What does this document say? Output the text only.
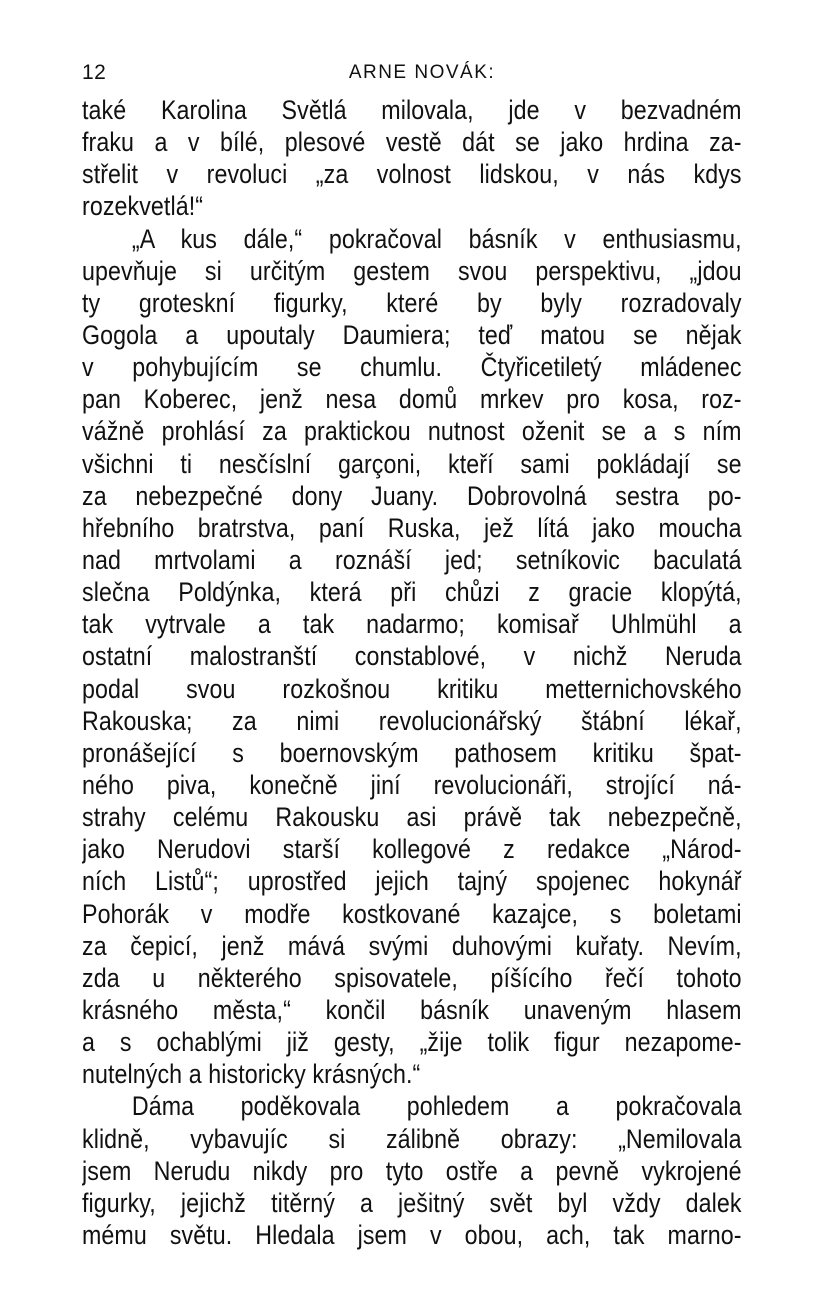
12	ARNE NOVÁK:
také Karolina Světlá milovala, jde v bezvadném
fraku a v bílé, plesové vestě dát se jako hrdina za-
střelit v revoluci „za volnost lidskou, v nás kdys
rozekvetlá!“
„A kus dále,“ pokračoval básník v enthusiasmu,
upevňuje si určitým gestem svou perspektivu, „jdou
ty groteskní figurky, které by byly rozradovaly
Gogola a upoutaly Daumiera; teď matou se nějak
v pohybujícím se chumlu. Čtyřicetiletý mládenec
pan Koberec, jenž nesa domů mrkev pro kosa, roz-
vážně prohlásí za praktickou nutnost oženit se a s ním
všichni ti nesčíslní garçoni, kteří sami pokládají se
za nebezpečné dony Juany. Dobrovolná sestra po-
hřebního bratrstva, paní Ruska, jež lítá jako moucha
nad mrtvolami a roznáší jed; setníkovic baculatá
slečna Poldýnka, která při chůzi z gracie klopýtá,
tak vytrvale a tak nadarmo; komisař Uhlmühl a
ostatní malostranští constablové, v nichž Neruda
podal svou rozkošnou kritiku metternichovského
Rakouska; za nimi revolucionářský štábní lékař,
pronášející s boernovským pathosem kritiku špat-
ného piva, konečně jiní revolucionáři, strojící ná-
strahy celému Rakousku asi právě tak nebezpečně,
jako Nerudovi starší kollegové z redakce „Národ-
ních Listů“; uprostřed jejich tajný spojenec hokynář
Pohorák v modře kostkované kazajce, s boletami
za čepicí, jenž mává svými duhovými kuřaty. Nevím,
zda u některého spisovatele, píšícího řečí tohoto
krásného města,“ končil básník unaveným hlasem
a s ochablými již gesty, „žije tolik figur nezapome-
nutelných a historicky krásných.“
Dáma poděkovala pohledem a pokračovala
klidně, vybavujíc si zálibně obrazy: „Nemilovala
jsem Nerudu nikdy pro tyto ostře a pevně vykrojené
figurky, jejichž titěrný a ješitný svět byl vždy dalek
mému světu. Hledala jsem v obou, ach, tak marno-
